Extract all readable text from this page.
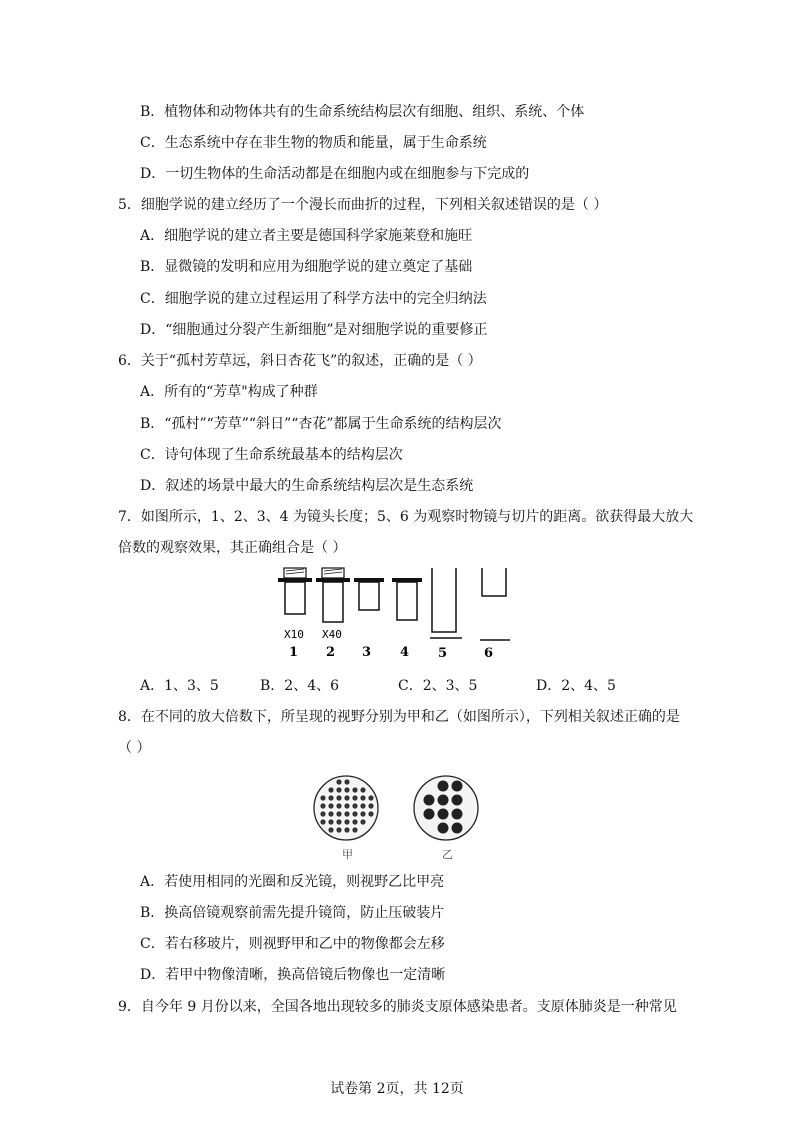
B．植物体和动物体共有的生命系统结构层次有细胞、组织、系统、个体
C．生态系统中存在非生物的物质和能量，属于生命系统
D．一切生物体的生命活动都是在细胞内或在细胞参与下完成的
5．细胞学说的建立经历了一个漫长而曲折的过程，下列相关叙述错误的是（ ）
A．细胞学说的建立者主要是德国科学家施莱登和施旺
B．显微镜的发明和应用为细胞学说的建立奠定了基础
C．细胞学说的建立过程运用了科学方法中的完全归纳法
D．“细胞通过分裂产生新细胞”是对细胞学说的重要修正
6．关于“孤村芳草远，斜日杏花飞”的叙述，正确的是（ ）
A．所有的“芳草"构成了种群
B．“孤村”“芳草”“斜日”“杏花”都属于生命系统的结构层次
C．诗句体现了生命系统最基本的结构层次
D．叙述的场景中最大的生命系统结构层次是生态系统
7．如图所示，1、2、3、4 为镜头长度；5、6 为观察时物镜与切片的距离。欲获得最大放大
倍数的观察效果，其正确组合是（ ）
X10 X40
1 2 3 4 5	6
A．1、3、5	B．2、4、6	C．2、3、5	D．2、4、5
8．在不同的放大倍数下，所呈现的视野分别为甲和乙（如图所示），下列相关叙述正确的是
（ ）
甲	乙
A．若使用相同的光圈和反光镜，则视野乙比甲亮
B．换高倍镜观察前需先提升镜筒，防止压破装片
C．若右移玻片，则视野甲和乙中的物像都会左移
D．若甲中物像清晰，换高倍镜后物像也一定清晰
9．自今年 9 月份以来，全国各地出现较多的肺炎支原体感染患者。支原体肺炎是一种常见
试卷第 2页，共 12页
